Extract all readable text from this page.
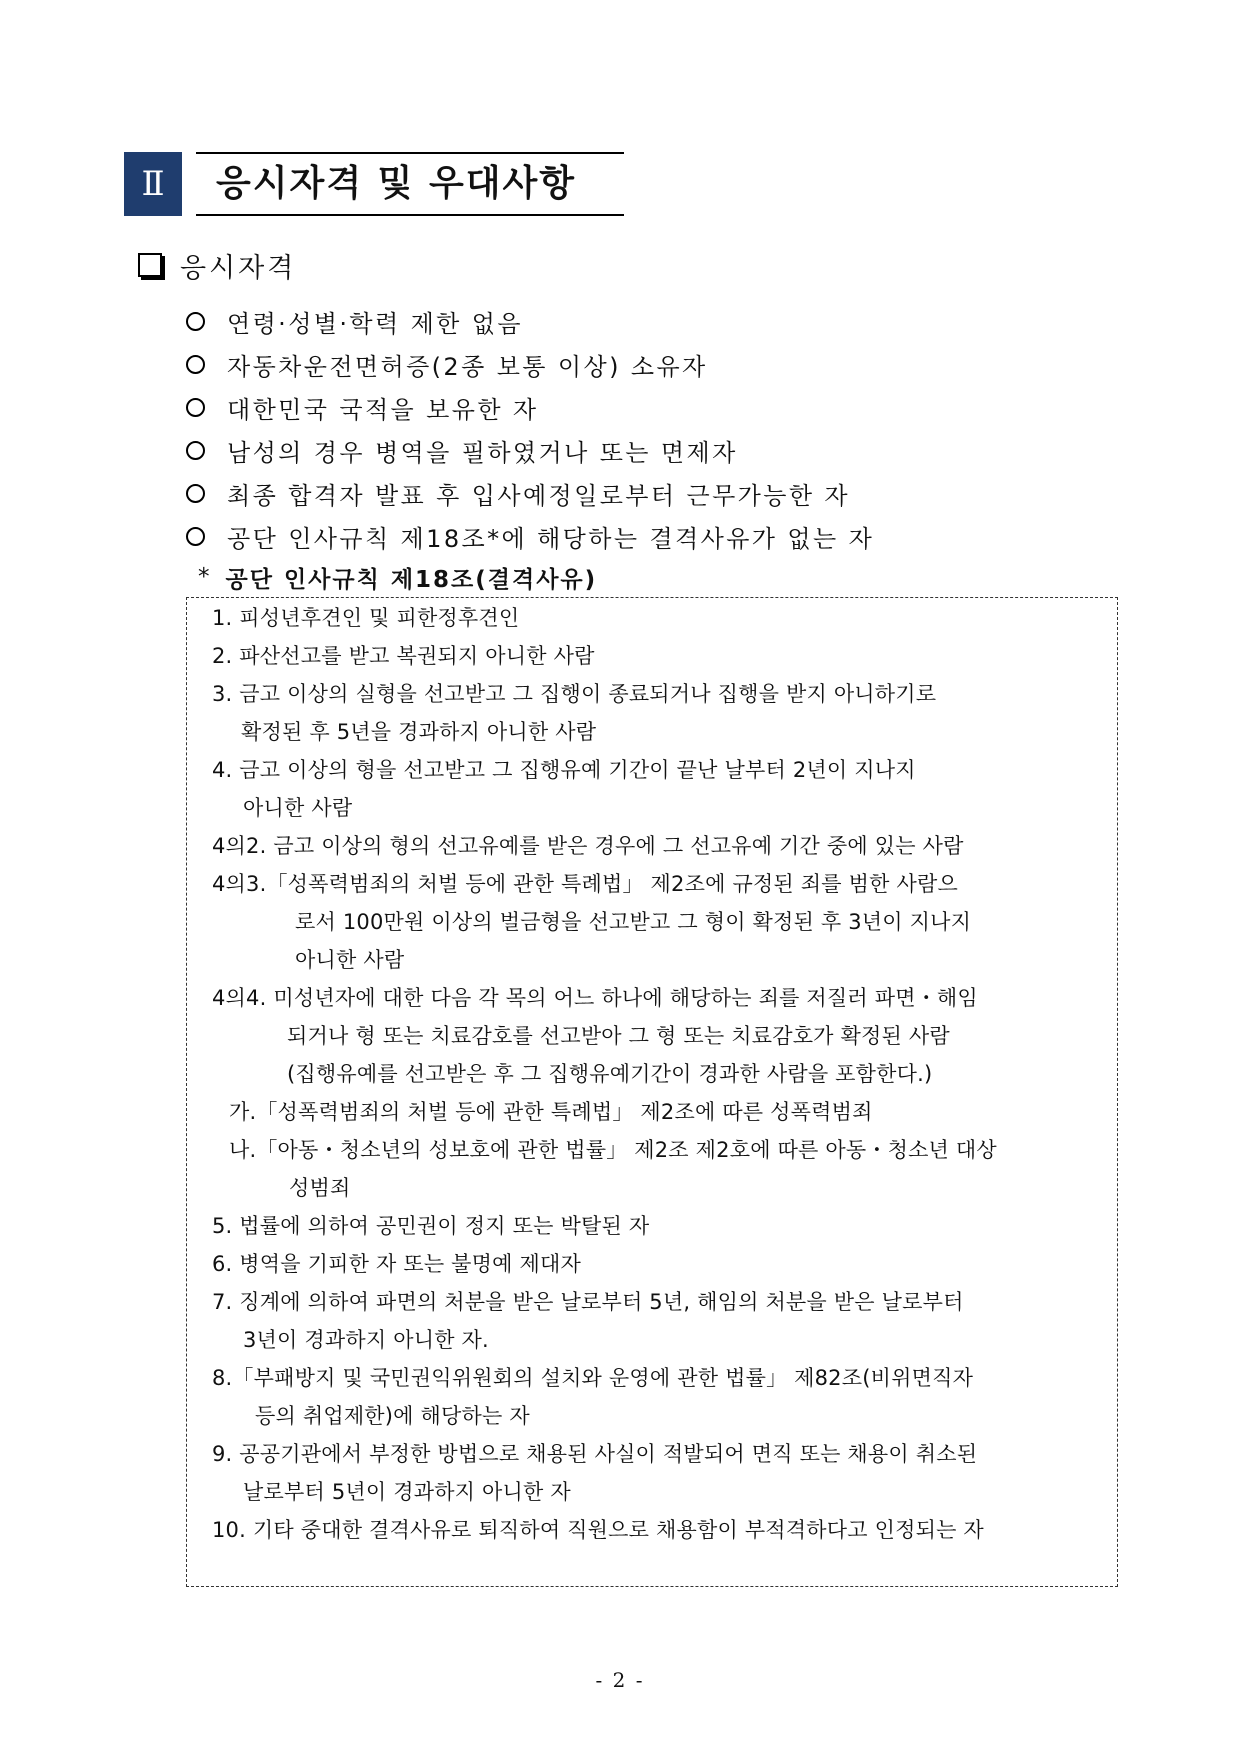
Ⅱ	응시자격 및 우대사항
응시자격
연령·성별·학력 제한 없음
자동차운전면허증(2종 보통 이상) 소유자
대한민국 국적을 보유한 자
남성의 경우 병역을 필하였거나 또는 면제자
최종 합격자 발표 후 입사예정일로부터 근무가능한 자
공단 인사규칙 제18조*에 해당하는 결격사유가 없는 자
* 공단 인사규칙 제18조(결격사유)
1. 피성년후견인 및 피한정후견인
2. 파산선고를 받고 복권되지 아니한 사람
3. 금고 이상의 실형을 선고받고 그 집행이 종료되거나 집행을 받지 아니하기로
확정된 후 5년을 경과하지 아니한 사람
4. 금고 이상의 형을 선고받고 그 집행유예 기간이 끝난 날부터 2년이 지나지
아니한 사람
4의2. 금고 이상의 형의 선고유예를 받은 경우에 그 선고유예 기간 중에 있는 사람
4의3.「성폭력범죄의 처벌 등에 관한 특례법」 제2조에 규정된 죄를 범한 사람으
로서 100만원 이상의 벌금형을 선고받고 그 형이 확정된 후 3년이 지나지
아니한 사람
4의4. 미성년자에 대한 다음 각 목의 어느 하나에 해당하는 죄를 저질러 파면・해임
되거나 형 또는 치료감호를 선고받아 그 형 또는 치료감호가 확정된 사람
(집행유예를 선고받은 후 그 집행유예기간이 경과한 사람을 포함한다.)
가.「성폭력범죄의 처벌 등에 관한 특례법」 제2조에 따른 성폭력범죄
나.「아동・청소년의 성보호에 관한 법률」 제2조 제2호에 따른 아동・청소년 대상
성범죄
5. 법률에 의하여 공민권이 정지 또는 박탈된 자
6. 병역을 기피한 자 또는 불명예 제대자
7. 징계에 의하여 파면의 처분을 받은 날로부터 5년, 해임의 처분을 받은 날로부터
3년이 경과하지 아니한 자.
8.「부패방지 및 국민권익위원회의 설치와 운영에 관한 법률」 제82조(비위면직자
등의 취업제한)에 해당하는 자
9. 공공기관에서 부정한 방법으로 채용된 사실이 적발되어 면직 또는 채용이 취소된
날로부터 5년이 경과하지 아니한 자
10. 기타 중대한 결격사유로 퇴직하여 직원으로 채용함이 부적격하다고 인정되는 자
- 2 -
